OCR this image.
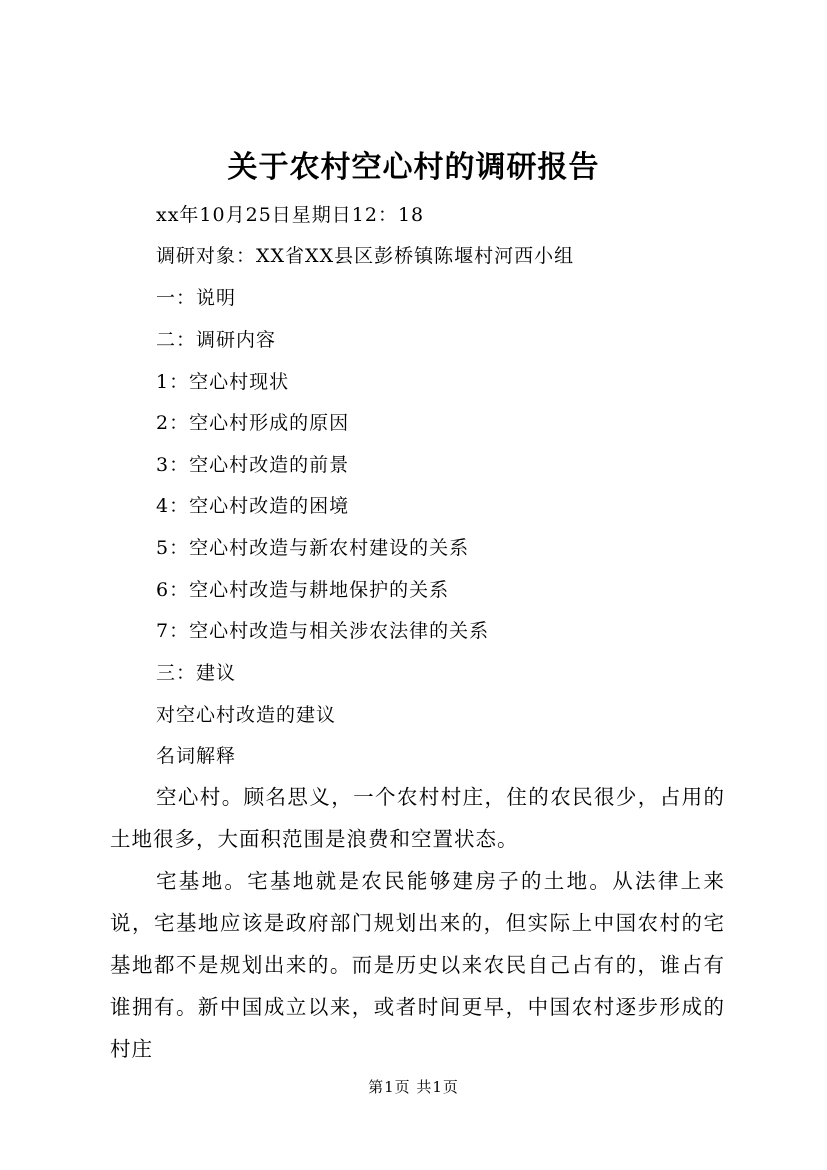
关于农村空心村的调研报告
xx年10月25日星期日12：18
调研对象：XX省XX县区彭桥镇陈堰村河西小组
一：说明
二：调研内容
1：空心村现状
2：空心村形成的原因
3：空心村改造的前景
4：空心村改造的困境
5：空心村改造与新农村建设的关系
6：空心村改造与耕地保护的关系
7：空心村改造与相关涉农法律的关系
三：建议
对空心村改造的建议
名词解释
空心村。顾名思义，一个农村村庄，住的农民很少，占用的土地很多，大面积范围是浪费和空置状态。
宅基地。宅基地就是农民能够建房子的土地。从法律上来说，宅基地应该是政府部门规划出来的，但实际上中国农村的宅基地都不是规划出来的。而是历史以来农民自己占有的，谁占有谁拥有。新中国成立以来，或者时间更早，中国农村逐步形成的村庄
第1页 共1页
